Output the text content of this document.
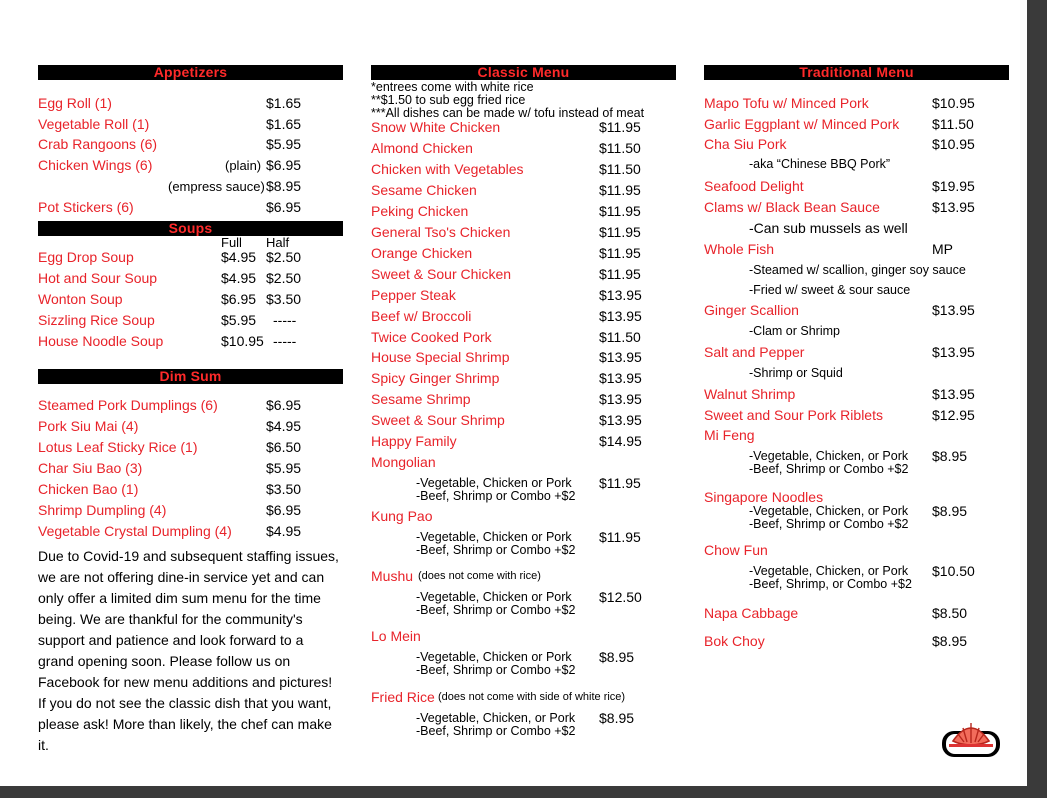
Appetizers
Egg Roll (1)	$1.65
Vegetable Roll (1)	$1.65
Crab Rangoons (6)	$5.95
Chicken Wings (6)	(plain) $6.95
(empress sauce) $8.95
Pot Stickers (6)	$6.95
Soups
Full Half
Egg Drop Soup	$4.95 $2.50
Hot and Sour Soup	$4.95 $2.50
Wonton Soup	$6.95 $3.50
Sizzling Rice Soup	$5.95 -----
House Noodle Soup	$10.95 -----
Dim Sum
Steamed Pork Dumplings (6)	$6.95
Pork Siu Mai (4)	$4.95
Lotus Leaf Sticky Rice (1)	$6.50
Char Siu Bao (3)	$5.95
Chicken Bao (1)	$3.50
Shrimp Dumpling (4)	$6.95
Vegetable Crystal Dumpling (4) $4.95

Due to Covid-19 and subsequent staffing issues, we are not offering dine-in service yet and can only offer a limited dim sum menu for the time being. We are thankful for the community's support and patience and look forward to a grand opening soon. Please follow us on Facebook for new menu additions and pictures!

If you do not see the classic dish that you want, please ask! More than likely, the chef can make it.

Classic Menu
*entrees come with white rice
**$1.50 to sub egg fried rice
***All dishes can be made w/ tofu instead of meat
Snow White Chicken	$11.95
Almond Chicken	$11.50
Chicken with Vegetables	$11.50
Sesame Chicken	$11.95
Peking Chicken	$11.95
General Tso's Chicken	$11.95
Orange Chicken	$11.95
Sweet & Sour Chicken	$11.95
Pepper Steak	$13.95
Beef w/ Broccoli	$13.95
Twice Cooked Pork	$11.50
House Special Shrimp	$13.95
Spicy Ginger Shrimp	$13.95
Sesame Shrimp	$13.95
Sweet & Sour Shrimp	$13.95
Happy Family	$14.95
Mongolian
-Vegetable, Chicken or Pork
-Beef, Shrimp or Combo +$2
$11.95
Kung Pao
-Vegetable, Chicken or Pork
-Beef, Shrimp or Combo +$2
$11.95
Mushu (does not come with rice)
-Vegetable, Chicken or Pork
-Beef, Shrimp or Combo +$2
$12.50
Lo Mein
-Vegetable, Chicken or Pork
-Beef, Shrimp or Combo +$2
$8.95
Fried Rice (does not come with side of white rice)
-Vegetable, Chicken, or Pork
-Beef, Shrimp or Combo +$2
$8.95
Traditional Menu
Mapo Tofu w/ Minced Pork	$10.95
Garlic Eggplant w/ Minced Pork $11.50
Cha Siu Pork	$10.95
-aka “Chinese BBQ Pork”
Seafood Delight	$19.95
Clams w/ Black Bean Sauce	$13.95
-Can sub mussels as well
Whole Fish	MP
-Steamed w/ scallion, ginger soy sauce
-Fried w/ sweet & sour sauce
Ginger Scallion	$13.95
-Clam or Shrimp
Salt and Pepper	$13.95
-Shrimp or Squid
Walnut Shrimp	$13.95
Sweet and Sour Pork Riblets	$12.95
Mi Feng
-Vegetable, Chicken, or Pork
-Beef, Shrimp or Combo +$2
$8.95
Singapore Noodles
-Vegetable, Chicken, or Pork
-Beef, Shrimp or Combo +$2
$8.95
Chow Fun
-Vegetable, Chicken, or Pork
-Beef, Shrimp, or Combo +$2
$10.50
Napa Cabbage	$8.50
Bok Choy	$8.95
